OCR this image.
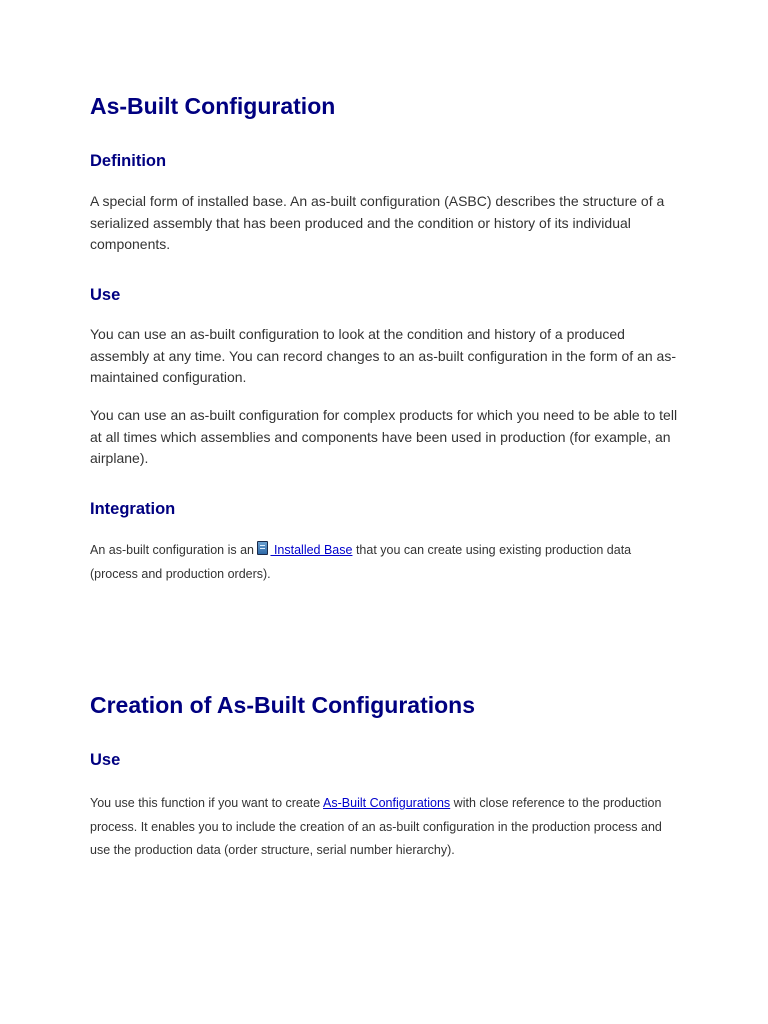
As-Built Configuration
Definition

A special form of installed base. An as-built configuration (ASBC) describes the structure of a serialized assembly that has been produced and the condition or history of its individual components.

Use

You can use an as-built configuration to look at the condition and history of a produced assembly at any time. You can record changes to an as-built configuration in the form of an as-maintained configuration.

You can use an as-built configuration for complex products for which you need to be able to tell at all times which assemblies and components have been used in production (for example, an airplane).

Integration

An as-built configuration is an  Installed Base that you can create using existing production data (process and production orders).

Creation of As-Built Configurations
Use

You use this function if you want to create As-Built Configurations with close reference to the production process. It enables you to include the creation of an as-built configuration in the production process and use the production data (order structure, serial number hierarchy).
